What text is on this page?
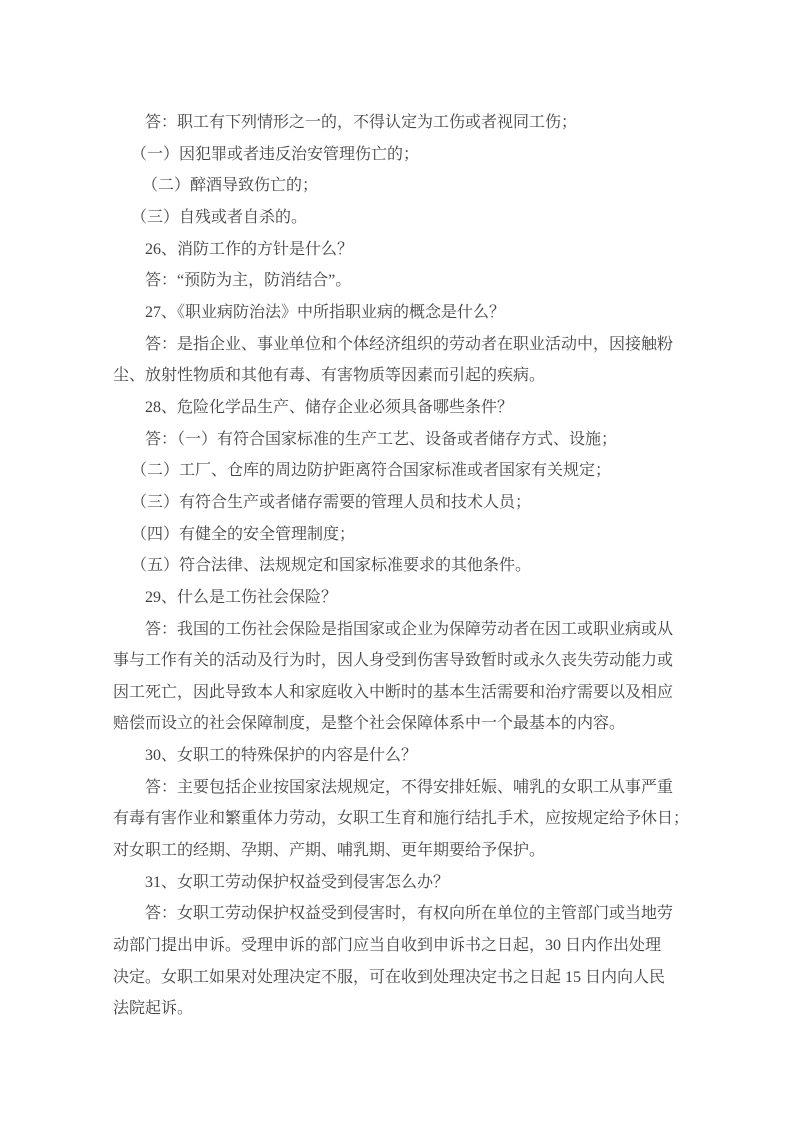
答：职工有下列情形之一的，不得认定为工伤或者视同工伤；
（一）因犯罪或者违反治安管理伤亡的；
（二）醉酒导致伤亡的；
（三）自残或者自杀的。
26、消防工作的方针是什么？
答：“预防为主，防消结合”。
27、《职业病防治法》中所指职业病的概念是什么？
答：是指企业、事业单位和个体经济组织的劳动者在职业活动中，因接触粉
尘、放射性物质和其他有毒、有害物质等因素而引起的疾病。
28、危险化学品生产、储存企业必须具备哪些条件？
答：（一）有符合国家标准的生产工艺、设备或者储存方式、设施；
（二）工厂、仓库的周边防护距离符合国家标准或者国家有关规定；
（三）有符合生产或者储存需要的管理人员和技术人员；
（四）有健全的安全管理制度；
（五）符合法律、法规规定和国家标准要求的其他条件。
29、什么是工伤社会保险？
答：我国的工伤社会保险是指国家或企业为保障劳动者在因工或职业病或从
事与工作有关的活动及行为时，因人身受到伤害导致暂时或永久丧失劳动能力或
因工死亡，因此导致本人和家庭收入中断时的基本生活需要和治疗需要以及相应
赔偿而设立的社会保障制度，是整个社会保障体系中一个最基本的内容。
30、女职工的特殊保护的内容是什么？
答：主要包括企业按国家法规规定，不得安排妊娠、哺乳的女职工从事严重
有毒有害作业和繁重体力劳动，女职工生育和施行结扎手术，应按规定给予休日；
对女职工的经期、孕期、产期、哺乳期、更年期要给予保护。
31、女职工劳动保护权益受到侵害怎么办？
答：女职工劳动保护权益受到侵害时，有权向所在单位的主管部门或当地劳
动部门提出申诉。受理申诉的部门应当自收到申诉书之日起，30 日内作出处理
决定。女职工如果对处理决定不服，可在收到处理决定书之日起 15 日内向人民
法院起诉。
